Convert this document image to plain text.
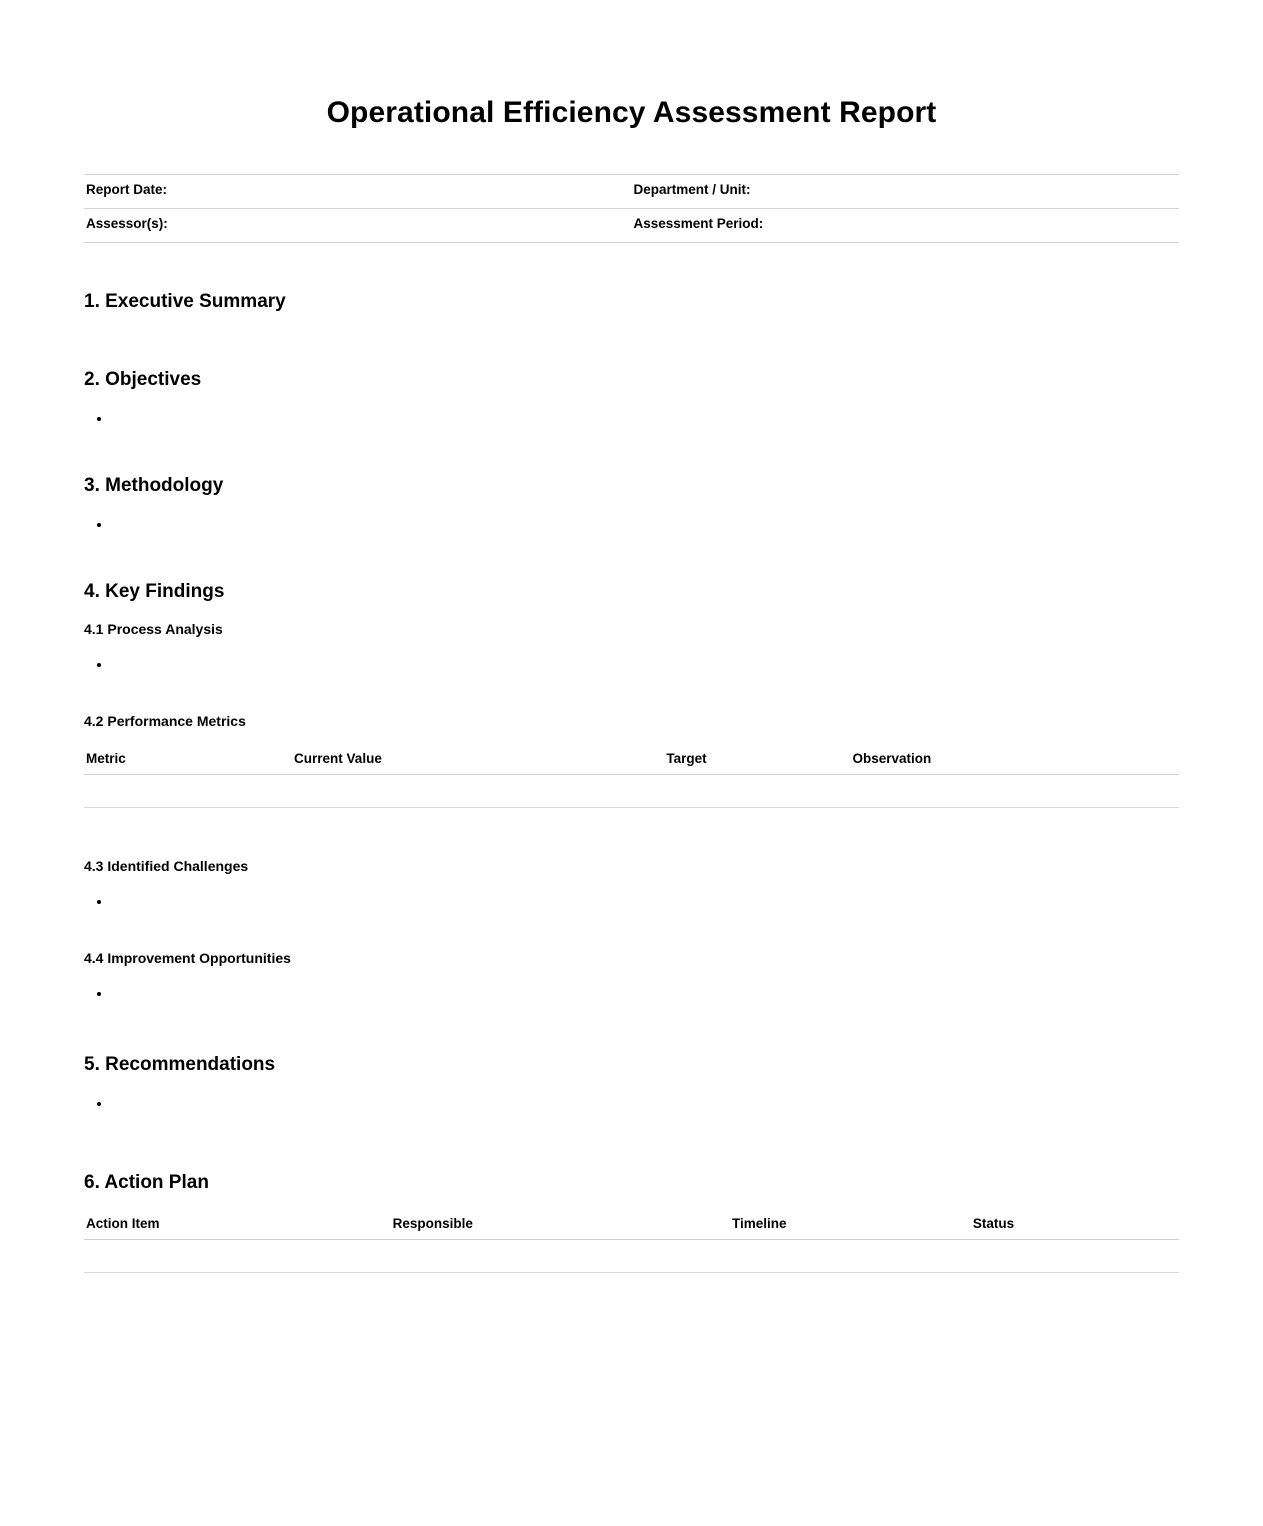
Operational Efficiency Assessment Report
Report Date:	Department / Unit:
Assessor(s):	Assessment Period:
1. Executive Summary
2. Objectives
•
3. Methodology
•
4. Key Findings
4.1 Process Analysis
•
4.2 Performance Metrics
Metric	Current Value	Target	Observation

4.3 Identified Challenges
•
4.4 Improvement Opportunities
•
5. Recommendations
•
6. Action Plan
Action Item	Responsible	Timeline	Status
